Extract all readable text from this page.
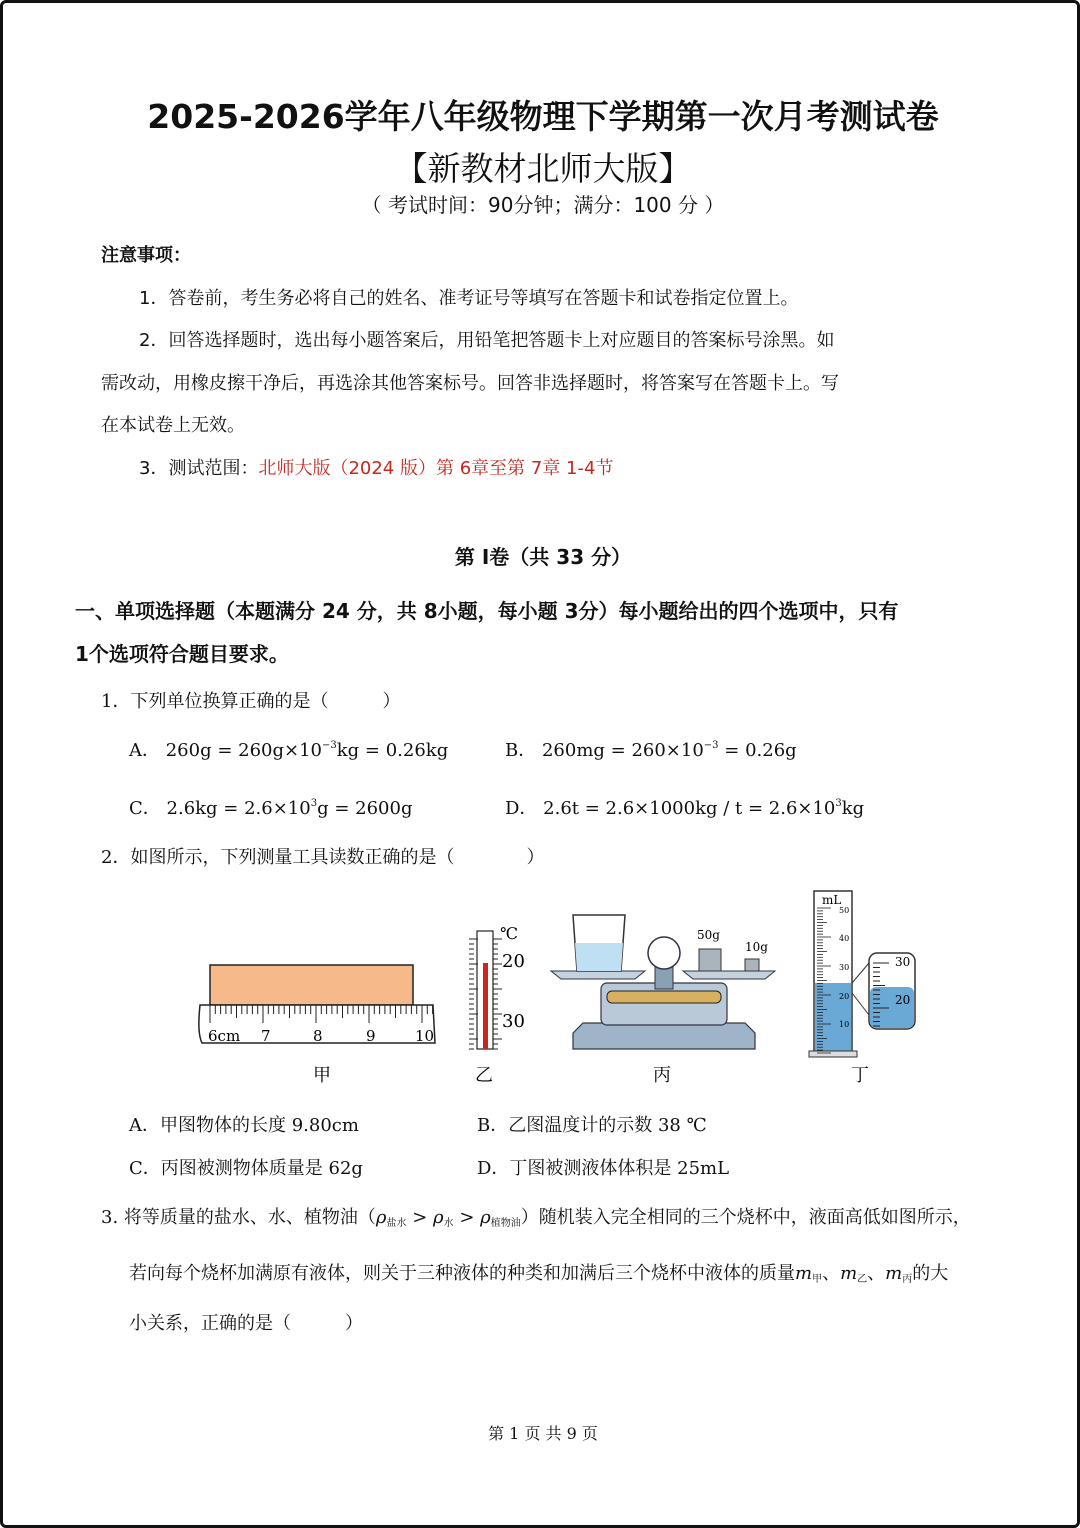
2025-2026学年八年级物理下学期第一次月考测试卷
【新教材北师大版】
（ 考试时间：90分钟；满分：100 分 ）
注意事项：
1．答卷前，考生务必将自己的姓名、准考证号等填写在答题卡和试卷指定位置上。
2．回答选择题时，选出每小题答案后，用铅笔把答题卡上对应题目的答案标号涂黑。如
需改动，用橡皮擦干净后，再选涂其他答案标号。回答非选择题时，将答案写在答题卡上。写
在本试卷上无效。
3．测试范围：北师大版（2024 版）第 6章至第 7章 1-4节
第 Ⅰ卷（共 33 分）
一、单项选择题（本题满分 24 分，共 8小题，每小题 3分）每小题给出的四个选项中，只有
1个选项符合题目要求。
1．下列单位换算正确的是（　　　）
A． $260g = 260g\times 10^{-3}kg = 0.26kg$	B． $260mg = 260\times 10^{-3} = 0.26g$
C． $2.6kg = 2.6\times 10^3g = 2600g$	D． $2.6t = 2.6\times 1000kg / t = 2.6\times 10^3kg$
2．如图所示，下列测量工具读数正确的是（　　　　）
6cm 7	8	9	10
甲
℃
20
30
乙
50g
10g
丙
mL
50
40
30
20
10
30
20
丁
A．甲图物体的长度 9.80cm	B．乙图温度计的示数 38 ℃
C．丙图被测物体质量是 62g	D．丁图被测液体体积是 25mL
3. 将等质量的盐水、水、植物油$(\rho_{盐水} > \rho_水 > \rho_{植物油})$随机装入完全相同的三个烧杯中，液面高低如图所示，
若向每个烧杯加满原有液体，则关于三种液体的种类和加满后三个烧杯中液体的质量$m_甲$、$m_乙$、$m_丙$的大
小关系，正确的是（　　　）
第 1 页 共 9 页
